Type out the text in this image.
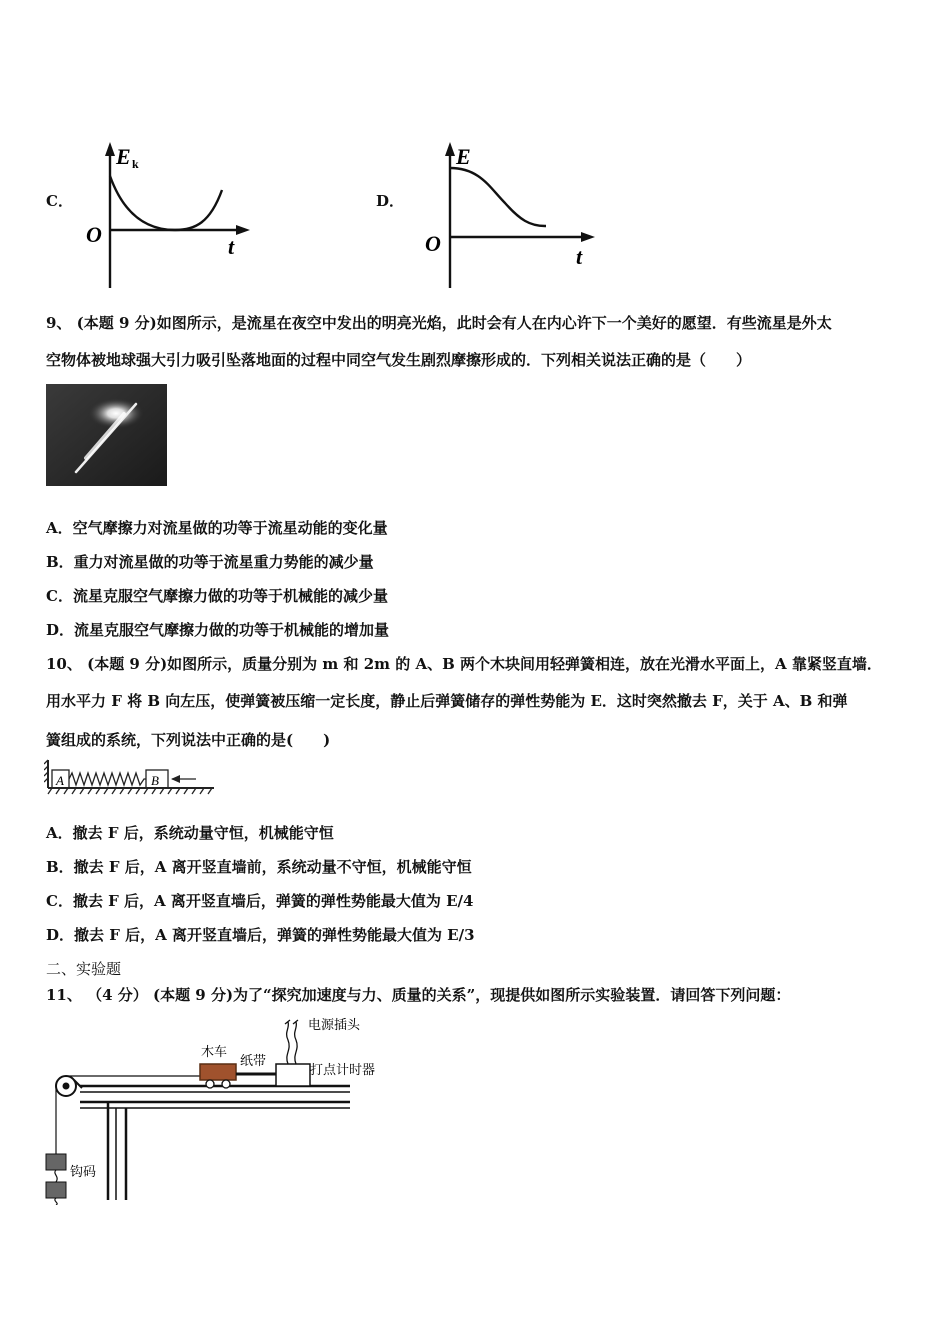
C．
E k
O	t
D．
E
O
t
9、 (本题 9 分)如图所示，是流星在夜空中发出的明亮光焰，此时会有人在内心许下一个美好的愿望．有些流星是外太
空物体被地球强大引力吸引坠落地面的过程中同空气发生剧烈摩擦形成的．下列相关说法正确的是（　　）
A．空气摩擦力对流星做的功等于流星动能的变化量
B．重力对流星做的功等于流星重力势能的减少量
C．流星克服空气摩擦力做的功等于机械能的减少量
D．流星克服空气摩擦力做的功等于机械能的增加量
10、 (本题 9 分)如图所示，质量分别为 m 和 2m 的 A、B 两个木块间用轻弹簧相连，放在光滑水平面上，A 靠紧竖直墙．
用水平力 F 将 B 向左压，使弹簧被压缩一定长度，静止后弹簧储存的弹性势能为 E．这时突然撤去 F，关于 A、B 和弹
簧组成的系统，下列说法中正确的是(　　)
A	B
A．撤去 F 后，系统动量守恒，机械能守恒
B．撤去 F 后，A 离开竖直墙前，系统动量不守恒，机械能守恒
C．撤去 F 后，A 离开竖直墙后，弹簧的弹性势能最大值为 E/4
D．撤去 F 后，A 离开竖直墙后，弹簧的弹性势能最大值为 E/3
二、实验题
11、 （4 分） (本题 9 分)为了“探究加速度与力、质量的关系”，现提供如图所示实验装置．请回答下列问题：
电源插头
木车
纸带
打点计时器
钩码
